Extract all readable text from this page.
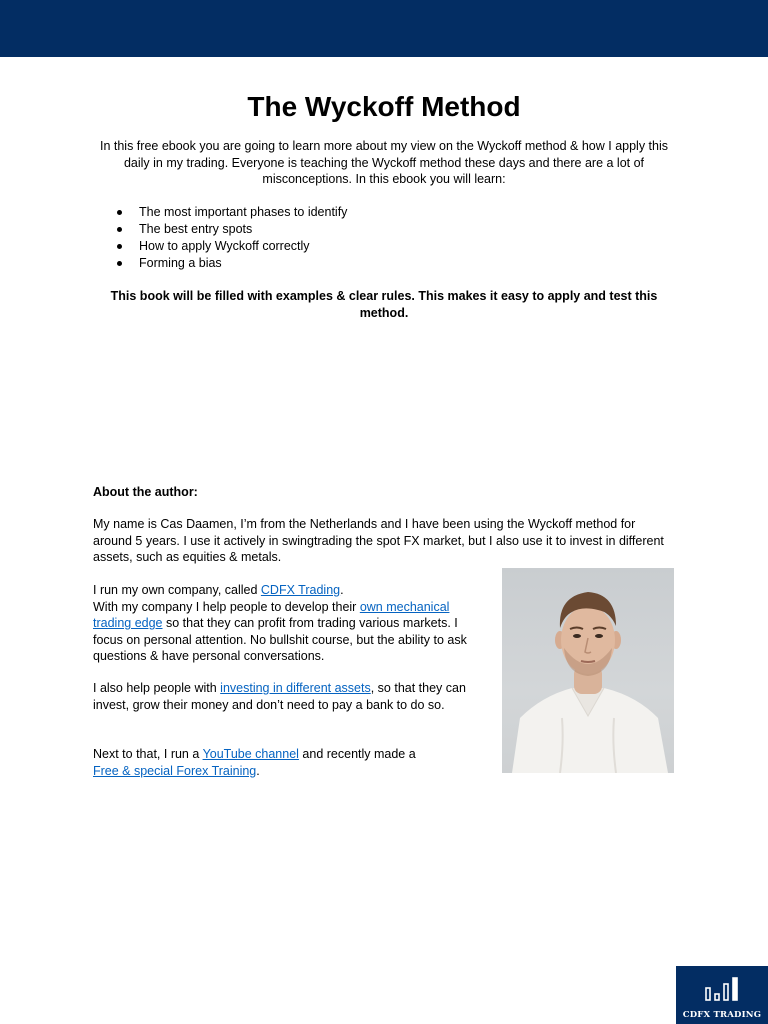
The Wyckoff Method

In this free ebook you are going to learn more about my view on the Wyckoff method & how I apply this daily in my trading. Everyone is teaching the Wyckoff method these days and there are a lot of misconceptions. In this ebook you will learn:

The most important phases to identify
The best entry spots
How to apply Wyckoff correctly
Forming a bias

This book will be filled with examples & clear rules. This makes it easy to apply and test this method.

About the author:

My name is Cas Daamen, I’m from the Netherlands and I have been using the Wyckoff method for around 5 years. I use it actively in swingtrading the spot FX market, but I also use it to invest in different assets, such as equities & metals.

I run my own company, called CDFX Trading.
With my company I help people to develop their own mechanical trading edge so that they can profit from trading various markets. I focus on personal attention. No bullshit course, but the ability to ask questions & have personal conversations.

I also help people with investing in different assets, so that they can invest, grow their money and don’t need to pay a bank to do so.

Next to that, I run a YouTube channel and recently made a
Free & special Forex Training.

CDFX TRADING
